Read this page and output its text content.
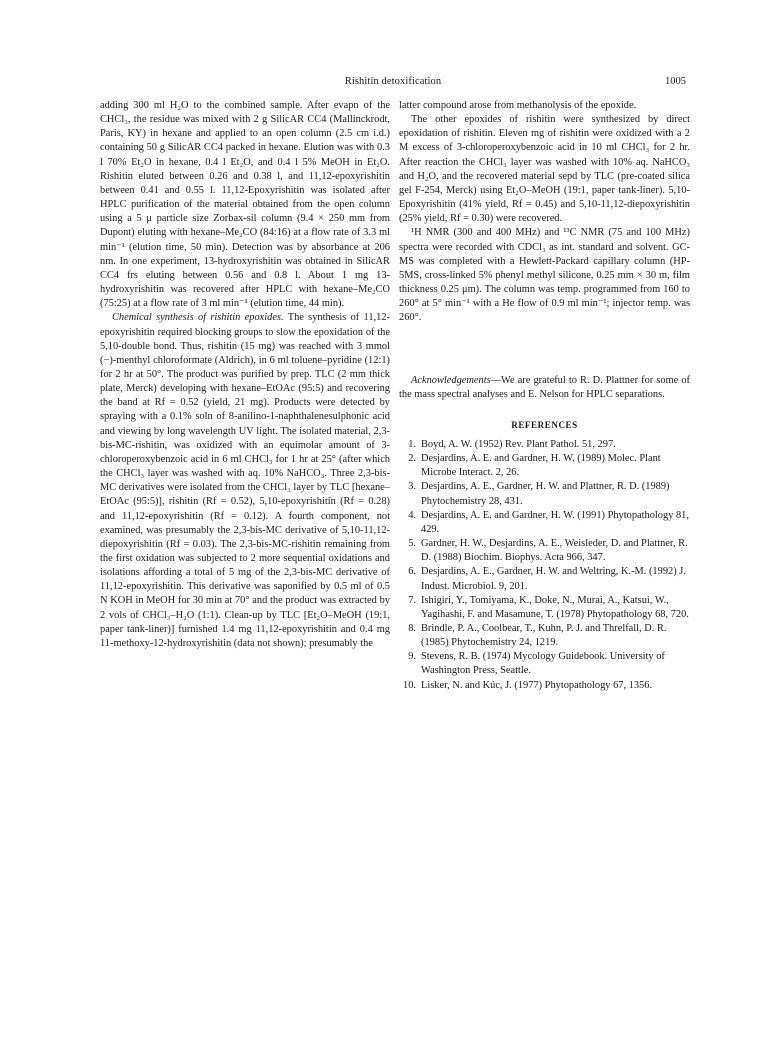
Rishitin detoxification	1005

adding 300 ml H₂O to the combined sample. After evapn of the CHCl₃, the residue was mixed with 2 g SilicAR CC4 (Mallinckrodt, Paris, KY) in hexane and applied to an open column (2.5 cm i.d.) containing 50 g SilicAR CC4 packed in hexane. Elution was with 0.3 l 70% Et₂O in hexane, 0.4 l Et₂O, and 0.4 l 5% MeOH in Et₂O. Rishitin eluted between 0.26 and 0.38 l, and 11,12-epoxyrishitin between 0.41 and 0.55 l. 11,12-Epoxyrishitin was isolated after HPLC purification of the material obtained from the open column using a 5 μ particle size Zorbax-sil column (9.4 × 250 mm from Dupont) eluting with hexane–Me₂CO (84:16) at a flow rate of 3.3 ml min⁻¹ (elution time, 50 min). Detection was by absorbance at 206 nm. In one experiment, 13-hydroxyrishitin was obtained in SilicAR CC4 frs eluting between 0.56 and 0.8 l. About 1 mg 13-hydroxyrishitin was recovered after HPLC with hexane–Me₂CO (75:25) at a flow rate of 3 ml min⁻¹ (elution time, 44 min).

Chemical synthesis of rishitin epoxides. The synthesis of 11,12-epoxyrishitin required blocking groups to slow the epoxidation of the 5,10-double bond. Thus, rishitin (15 mg) was reached with 3 mmol (−)-menthyl chloroformate (Aldrich), in 6 ml toluene–pyridine (12:1) for 2 hr at 50°. The product was purified by prep. TLC (2 mm thick plate, Merck) developing with hexane–EtOAc (95:5) and recovering the band at Rf = 0.52 (yield, 21 mg). Products were detected by spraying with a 0.1% soln of 8-anilino-1-naphthalenesulphonic acid and viewing by long wavelength UV light. The isolated material, 2,3-bis-MC-rishitin, was oxidized with an equimolar amount of 3-chloroperoxybenzoic acid in 6 ml CHCl₃ for 1 hr at 25° (after which the CHCl₃ layer was washed with aq. 10% NaHCO₃. Three 2,3-bis-MC derivatives were isolated from the CHCl₃ layer by TLC [hexane–EtOAc (95:5)], rishitin (Rf = 0.52), 5,10-epoxyrishitin (Rf = 0.28) and 11,12-epoxyrishitin (Rf = 0.12). A fourth component, not examined, was presumably the 2,3-bis-MC derivative of 5,10-11,12-diepoxyrishitin (Rf = 0.03). The 2,3-bis-MC-rishitin remaining from the first oxidation was subjected to 2 more sequential oxidations and isolations affording a total of 5 mg of the 2,3-bis-MC derivative of 11,12-epoxyrishitin. This derivative was saponified by 0.5 ml of 0.5 N KOH in MeOH for 30 min at 70° and the product was extracted by 2 vols of CHCl₃–H₂O (1:1). Clean-up by TLC [Et₂O–MeOH (19:1, paper tank-liner)] furnished 1.4 mg 11,12-epoxyrishitin and 0.4 mg 11-methoxy-12-hydroxyrishitin (data not shown); presumably the

latter compound arose from methanolysis of the epoxide.

The other epoxides of rishitin were synthesized by direct epoxidation of rishitin. Eleven mg of rishitin were oxidized with a 2 M excess of 3-chloroperoxybenzoic acid in 10 ml CHCl₃ for 2 hr. After reaction the CHCl₃ layer was washed with 10% aq. NaHCO₃ and H₂O, and the recovered material sepd by TLC (pre-coated silica gel F-254, Merck) using Et₂O–MeOH (19:1, paper tank-liner). 5,10-Epoxyrishitin (41% yield, Rf = 0.45) and 5,10-11,12-diepoxyrishitin (25% yield, Rf = 0.30) were recovered.

¹H NMR (300 and 400 MHz) and ¹³C NMR (75 and 100 MHz) spectra were recorded with CDCl₃ as int. standard and solvent. GC-MS was completed with a Hewlett-Packard capillary column (HP-5MS, cross-linked 5% phenyl methyl silicone, 0.25 mm × 30 m, film thickness 0.25 μm). The column was temp. programmed from 160 to 260° at 5° min⁻¹ with a He flow of 0.9 ml min⁻¹; injector temp. was 260°.

Acknowledgements—We are grateful to R. D. Plattner for some of the mass spectral analyses and E. Nelson for HPLC separations.

REFERENCES
1. Boyd, A. W. (1952) Rev. Plant Pathol. 51, 297.
2. Desjardins, A. E. and Gardner, H. W. (1989) Molec. Plant Microbe Interact. 2, 26.
3. Desjardins, A. E., Gardner, H. W. and Plattner, R. D. (1989) Phytochemistry 28, 431.
4. Desjardins, A. E. and Gardner, H. W. (1991) Phytopathology 81, 429.
5. Gardner, H. W., Desjardins, A. E., Weisleder, D. and Plattner, R. D. (1988) Biochim. Biophys. Acta 966, 347.
6. Desjardins, A. E., Gardner, H. W. and Weltring, K.-M. (1992) J. Indust. Microbiol. 9, 201.
7. Ishigiri, Y., Tomiyama, K., Doke, N., Murai, A., Katsui, W., Yagihashi, F. and Masamune, T. (1978) Phytopathology 68, 720.
8. Brindle, P. A., Coolbear, T., Kuhn, P. J. and Threlfall, D. R. (1985) Phytochemistry 24, 1219.
9. Stevens, R. B. (1974) Mycology Guidebook. University of Washington Press, Seattle.
10. Lisker, N. and Kúc, J. (1977) Phytopathology 67, 1356.
